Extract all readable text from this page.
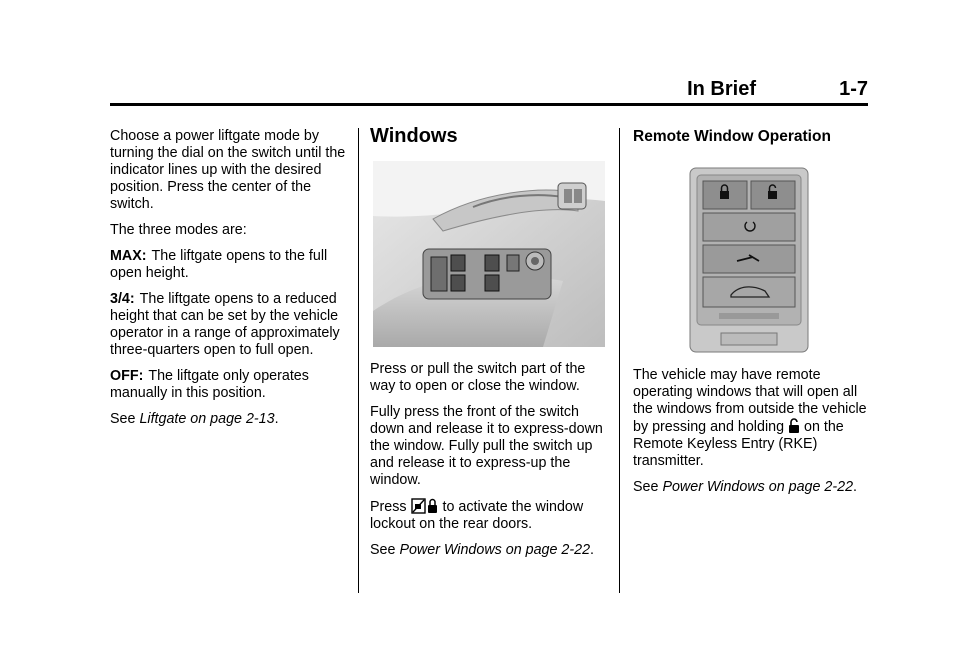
In Brief	1-7

Choose a power liftgate mode by turning the dial on the switch until the indicator lines up with the desired position. Press the center of the switch.

The three modes are:

MAX: The liftgate opens to the full open height.

3/4: The liftgate opens to a reduced height that can be set by the vehicle operator in a range of approximately three-quarters open to full open.

OFF: The liftgate only operates manually in this position.

See Liftgate on page 2-13.

Windows

Press or pull the switch part of the way to open or close the window.

Fully press the front of the switch down and release it to express-down the window. Fully pull the switch up and release it to express-up the window.

Press	to activate the window lockout on the rear doors.

See Power Windows on page 2-22.

Remote Window Operation

The vehicle may have remote operating windows that will open all the windows from outside the vehicle by pressing and holding on the Remote Keyless Entry (RKE) transmitter.

See Power Windows on page 2-22.
